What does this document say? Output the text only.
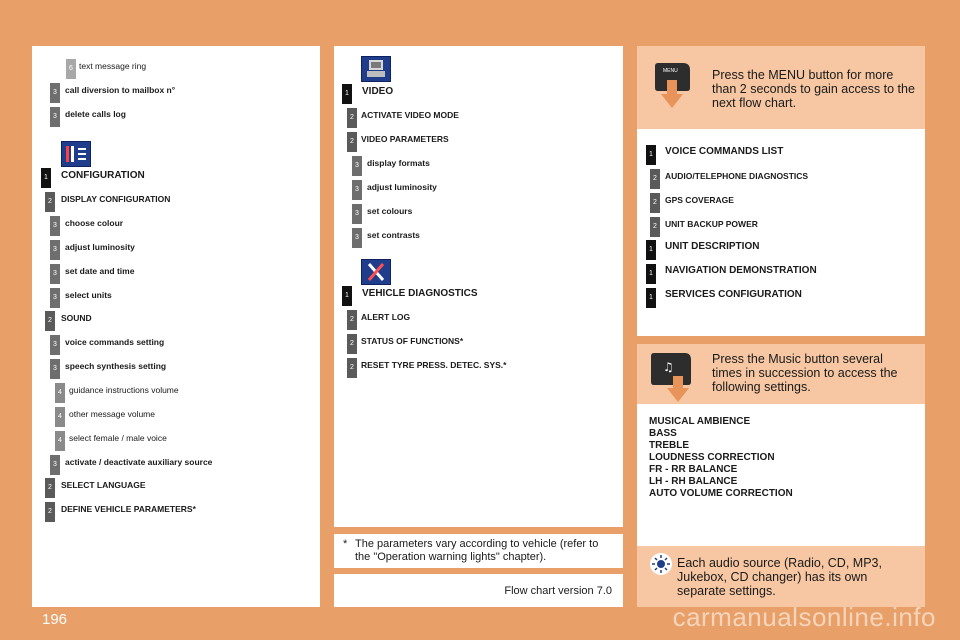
6 text message ring
3 call diversion to mailbox n°
3 delete calls log
1	CONFIGURATION
2	DISPLAY CONFIGURATION
3 choose colour
3 adjust luminosity
3 set date and time
3 select units
2	SOUND
3 voice commands setting
3 speech synthesis setting
4 guidance instructions volume
4 other message volume
4 select female / male voice
3 activate / deactivate auxiliary source
2	SELECT LANGUAGE
2	DEFINE VEHICLE PARAMETERS*
1	VIDEO
2 ACTIVATE VIDEO MODE
2 VIDEO PARAMETERS
3 display formats
3 adjust luminosity
3 set colours
3 set contrasts
1	VEHICLE DIAGNOSTICS
2 ALERT LOG
2 STATUS OF FUNCTIONS*
2 RESET TYRE PRESS. DETEC. SYS.*
* The parameters vary according to vehicle (refer to
the "Operation warning lights" chapter).
Flow chart version 7.0
MENU	Press the MENU button for more
than 2 seconds to gain access to the
next flow chart.
1	VOICE COMMANDS LIST
2 AUDIO/TELEPHONE DIAGNOSTICS
2 GPS COVERAGE
2 UNIT BACKUP POWER
1	UNIT DESCRIPTION
1	NAVIGATION DEMONSTRATION
1	SERVICES CONFIGURATION
♫
Press the Music button several
times in succession to access the
following settings.
MUSICAL AMBIENCE
BASS
TREBLE
LOUDNESS CORRECTION
FR - RR BALANCE
LH - RH BALANCE
AUTO VOLUME CORRECTION
Each audio source (Radio, CD, MP3,
Jukebox, CD changer) has its own
separate settings.
196	carmanualsonline.info
